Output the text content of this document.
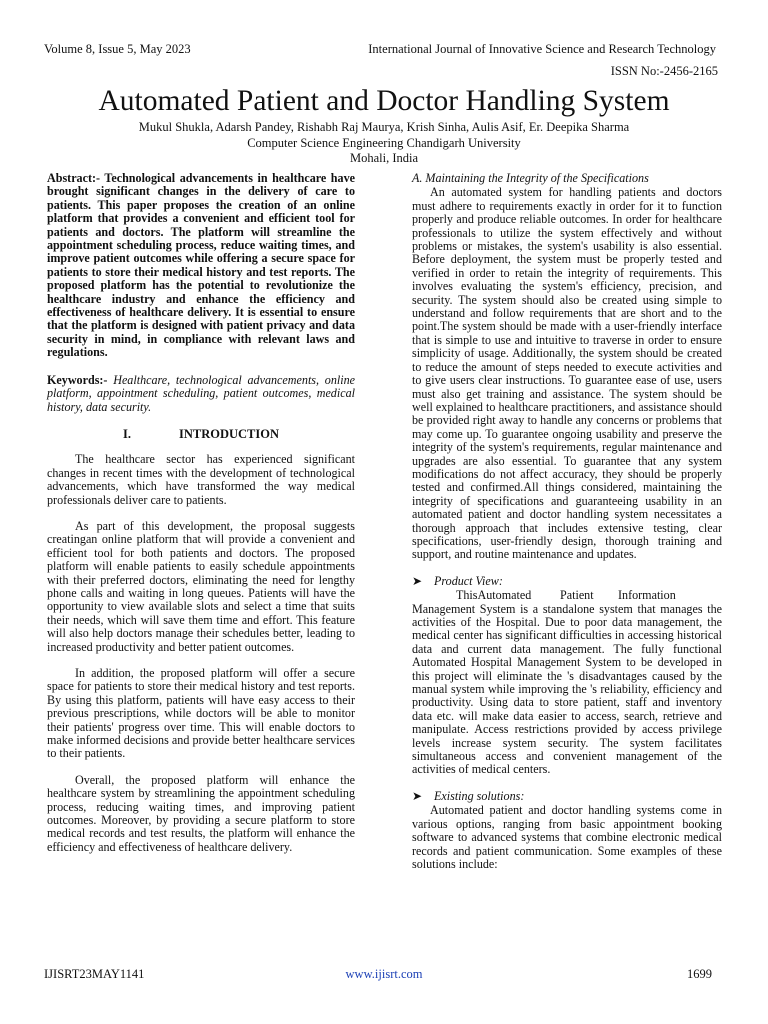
Volume 8, Issue 5, May 2023	International Journal of Innovative Science and Research Technology
ISSN No:-2456-2165
Automated Patient and Doctor Handling System
Mukul Shukla, Adarsh Pandey, Rishabh Raj Maurya, Krish Sinha, Aulis Asif, Er. Deepika Sharma
Computer Science Engineering Chandigarh University
Mohali, India

Abstract:- Technological advancements in healthcare have brought significant changes in the delivery of care to patients. This paper proposes the creation of an online platform that provides a convenient and efficient tool for patients and doctors. The platform will streamline the appointment scheduling process, reduce waiting times, and improve patient outcomes while offering a secure space for patients to store their medical history and test reports. The proposed platform has the potential to revolutionize the healthcare industry and enhance the efficiency and effectiveness of healthcare delivery. It is essential to ensure that the platform is designed with patient privacy and data security in mind, in compliance with relevant laws and regulations.

Keywords:- Healthcare, technological advancements, online platform, appointment scheduling, patient outcomes, medical history, data security.

I.	INTRODUCTION

The healthcare sector has experienced significant changes in recent times with the development of technological advancements, which have transformed the way medical professionals deliver care to patients.

As part of this development, the proposal suggests creatingan online platform that will provide a convenient and efficient tool for both patients and doctors. The proposed platform will enable patients to easily schedule appointments with their preferred doctors, eliminating the need for lengthy phone calls and waiting in long queues. Patients will have the opportunity to view available slots and select a time that suits their needs, which will save them time and effort. This feature will also help doctors manage their schedules better, leading to increased productivity and better patient outcomes.

In addition, the proposed platform will offer a secure space for patients to store their medical history and test reports. By using this platform, patients will have easy access to their previous prescriptions, while doctors will be able to monitor their patients' progress over time. This will enable doctors to make informed decisions and provide better healthcare services to their patients.

Overall, the proposed platform will enhance the healthcare system by streamlining the appointment scheduling process, reducing waiting times, and improving patient outcomes. Moreover, by providing a secure platform to store medical records and test results, the platform will enhance the efficiency and effectiveness of healthcare delivery.

A. Maintaining the Integrity of the Specifications

An automated system for handling patients and doctors must adhere to requirements exactly in order for it to function properly and produce reliable outcomes. In order for healthcare professionals to utilize the system effectively and without problems or mistakes, the system's usability is also essential. Before deployment, the system must be properly tested and verified in order to retain the integrity of requirements. This involves evaluating the system's efficiency, precision, and security. The system should also be created using simple to understand and follow requirements that are short and to the point.The system should be made with a user-friendly interface that is simple to use and intuitive to traverse in order to ensure simplicity of usage. Additionally, the system should be created to reduce the amount of steps needed to execute activities and to give users clear instructions. To guarantee ease of use, users must also get training and assistance. The system should be well explained to healthcare practitioners, and assistance should be provided right away to handle any concerns or problems that may come up. To guarantee ongoing usability and preserve the integrity of the system's requirements, regular maintenance and upgrades are also essential. To guarantee that any system modifications do not affect accuracy, they should be properly tested and confirmed.All things considered, maintaining the integrity of specifications and guaranteeing usability in an automated patient and doctor handling system necessitates a thorough approach that includes extensive testing, clear specifications, user-friendly design, thorough training and support, and routine maintenance and updates.

➤ Product View:

ThisAutomated Patient Information
Management System is a standalone system that manages the activities of the Hospital. Due to poor data management, the medical center has significant difficulties in accessing historical data and current data management. The fully functional Automated Hospital Management System to be developed in this project will eliminate the 's disadvantages caused by the manual system while improving the 's reliability, efficiency and productivity. Using data to store patient, staff and inventory data etc. will make data easier to access, search, retrieve and manipulate. Access restrictions provided by access privilege levels increase system security. The system facilitates simultaneous access and convenient management of the activities of medical centers.

➤ Existing solutions:

Automated patient and doctor handling systems come in various options, ranging from basic appointment booking software to advanced systems that combine electronic medical records and patient communication. Some examples of these solutions include:

IJISRT23MAY1141	www.ijisrt.com	1699
